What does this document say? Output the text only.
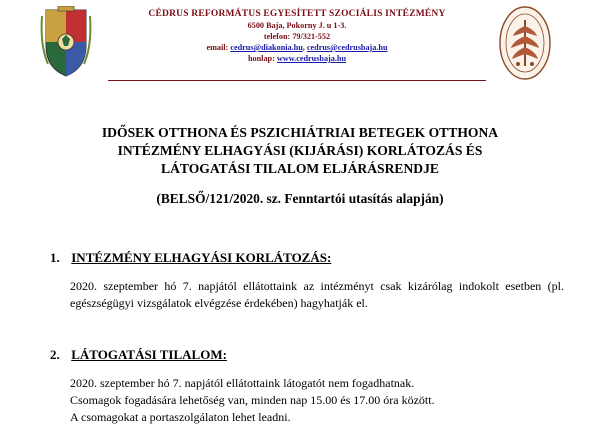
CÉDRUS REFORMÁTUS EGYESÍTETT SZOCIÁLIS INTÉZMÉNY
6500 Baja, Pokorny J. u 1-3.
telefon: 79/321-552
email: cedrus@diakonia.hu, cedrus@cedrusbaja.hu
honlap: www.cedrusbaja.hu
IDŐSEK OTTHONA ÉS PSZICHIÁTRIAI BETEGEK OTTHONA
INTÉZMÉNY ELHAGYÁSI (KIJÁRÁSI) KORLÁTOZÁS ÉS
LÁTOGATÁSI TILALOM ELJÁRÁSRENDJE
(BELSŐ/121/2020. sz. Fenntartói utasítás alapján)
1. INTÉZMÉNY ELHAGYÁSI KORLÁTOZÁS:
2020. szeptember hó 7. napjától ellátottaink az intézményt csak kizárólag indokolt esetben (pl. egészségügyi vizsgálatok elvégzése érdekében) hagyhatják el.
2. LÁTOGATÁSI TILALOM:
2020. szeptember hó 7. napjától ellátottaink látogatót nem fogadhatnak.
Csomagok fogadására lehetőség van, minden nap 15.00 és 17.00 óra között.
A csomagokat a portaszolgálaton lehet leadni.
